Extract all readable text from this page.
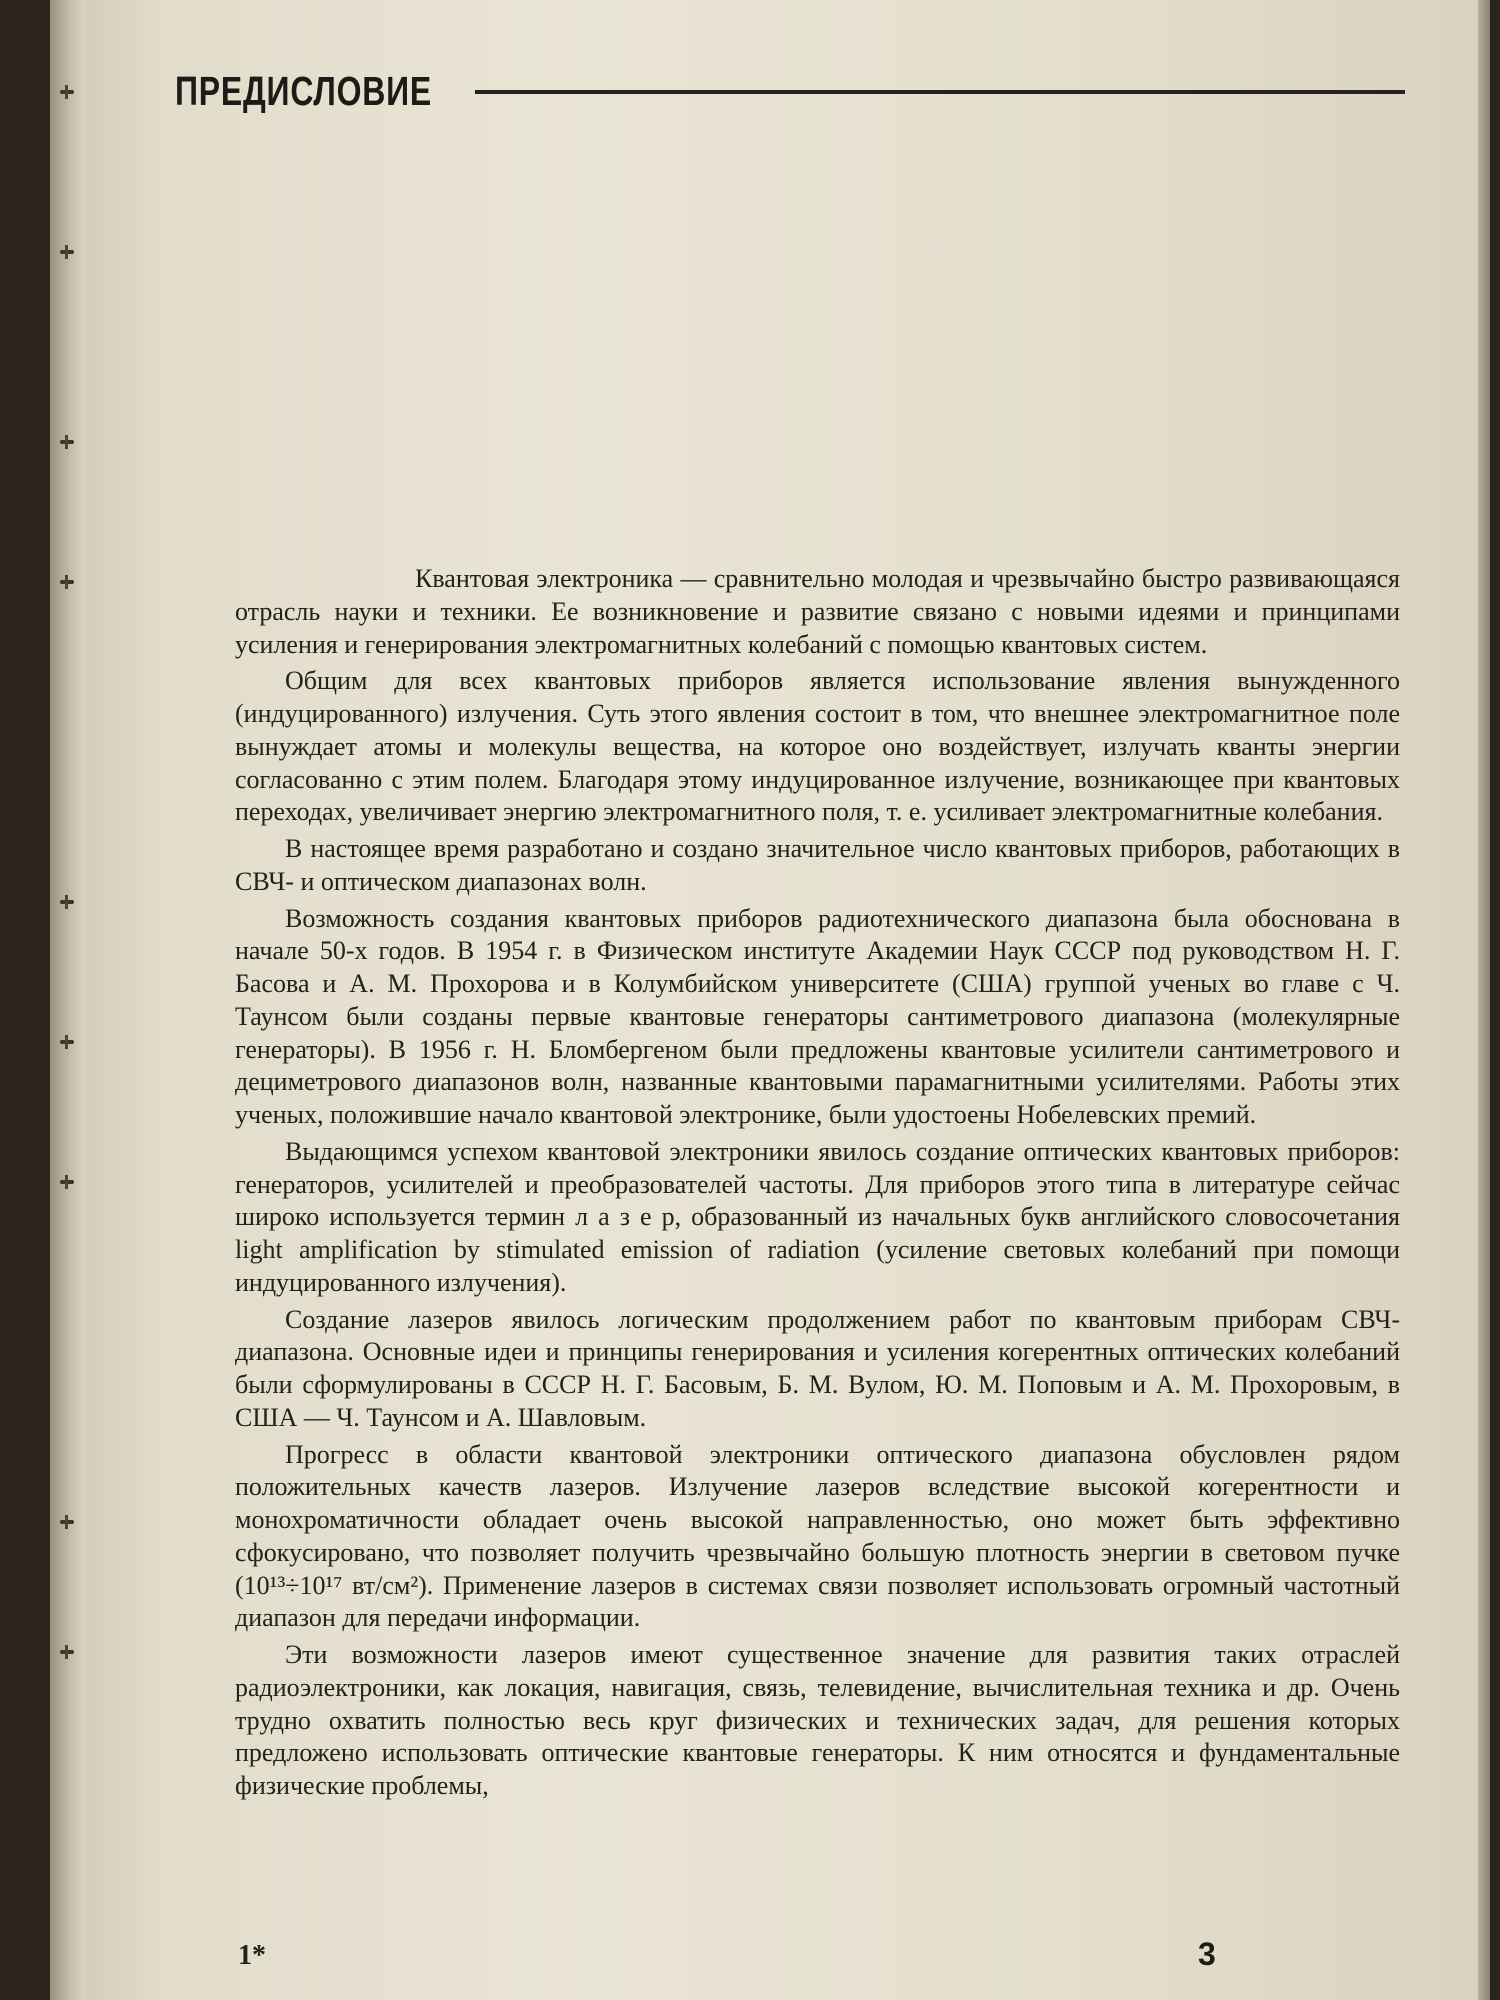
ПРЕДИСЛОВИЕ

Квантовая электроника — сравнительно молодая и чрезвычайно быстро развивающаяся отрасль науки и техники. Ее возникновение и развитие связано с новыми идеями и принципами усиления и генерирования электромагнитных колебаний с помощью квантовых систем.

Общим для всех квантовых приборов является использование явления вынужденного (индуцированного) излучения. Суть этого явления состоит в том, что внешнее электромагнитное поле вынуждает атомы и молекулы вещества, на которое оно воздействует, излучать кванты энергии согласованно с этим полем. Благодаря этому индуцированное излучение, возникающее при квантовых переходах, увеличивает энергию электромагнитного поля, т. е. усиливает электромагнитные колебания.

В настоящее время разработано и создано значительное число квантовых приборов, работающих в СВЧ- и оптическом диапазонах волн.

Возможность создания квантовых приборов радиотехнического диапазона была обоснована в начале 50-х годов. В 1954 г. в Физическом институте Академии Наук СССР под руководством Н. Г. Басова и А. М. Прохорова и в Колумбийском университете (США) группой ученых во главе с Ч. Таунсом были созданы первые квантовые генераторы сантиметрового диапазона (молекулярные генераторы). В 1956 г. Н. Бломбергеном были предложены квантовые усилители сантиметрового и дециметрового диапазонов волн, названные квантовыми парамагнитными усилителями. Работы этих ученых, положившие начало квантовой электронике, были удостоены Нобелевских премий.

Выдающимся успехом квантовой электроники явилось создание оптических квантовых приборов: генераторов, усилителей и преобразователей частоты. Для приборов этого типа в литературе сейчас широко используется термин л а з е р, образованный из начальных букв английского словосочетания light amplification by stimulated emission of radiation (усиление световых колебаний при помощи индуцированного излучения).

Создание лазеров явилось логическим продолжением работ по квантовым приборам СВЧ-диапазона. Основные идеи и принципы генерирования и усиления когерентных оптических колебаний были сформулированы в СССР Н. Г. Басовым, Б. М. Вулом, Ю. М. Поповым и А. М. Прохоровым, в США — Ч. Таунсом и А. Шавловым.

Прогресс в области квантовой электроники оптического диапазона обусловлен рядом положительных качеств лазеров. Излучение лазеров вследствие высокой когерентности и монохроматичности обладает очень высокой направленностью, оно может быть эффективно сфокусировано, что позволяет получить чрезвычайно большую плотность энергии в световом пучке (10¹³÷10¹⁷ вт/см²). Применение лазеров в системах связи позволяет использовать огромный частотный диапазон для передачи информации.

Эти возможности лазеров имеют существенное значение для развития таких отраслей радиоэлектроники, как локация, навигация, связь, телевидение, вычислительная техника и др. Очень трудно охватить полностью весь круг физических и технических задач, для решения которых предложено использовать оптические квантовые генераторы. К ним относятся и фундаментальные физические проблемы,

1*	3
